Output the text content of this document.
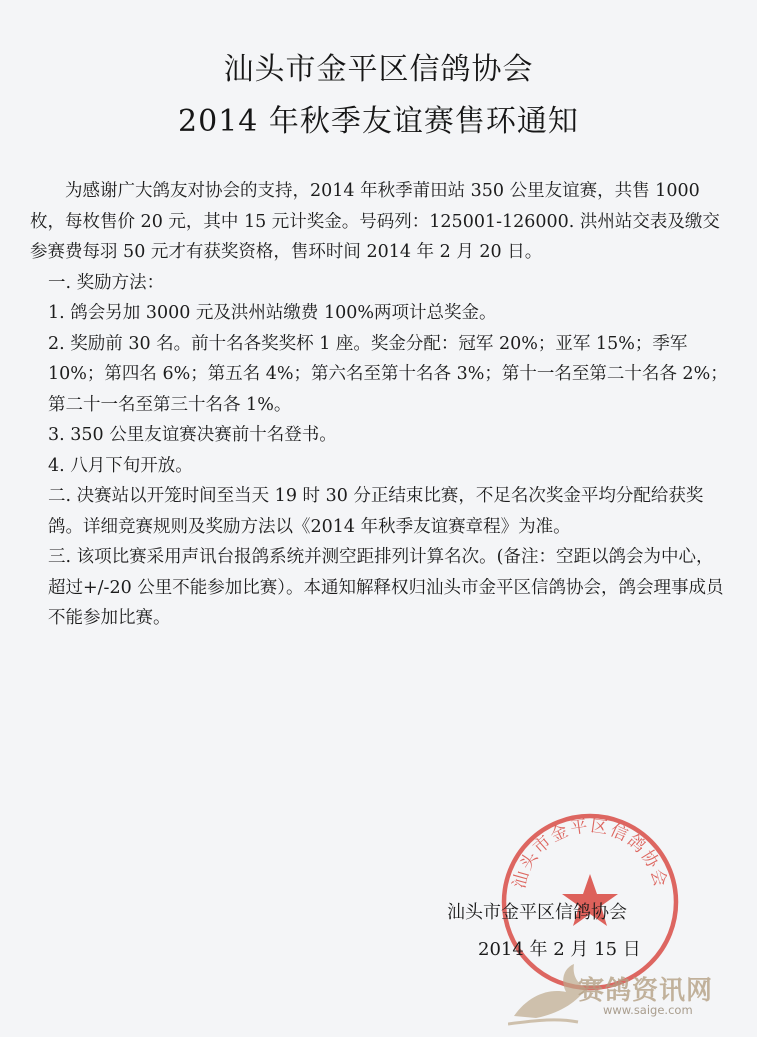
汕头市金平区信鸽协会
2014 年秋季友谊赛售环通知

为感谢广大鸽友对协会的支持，2014 年秋季莆田站 350 公里友谊赛，共售 1000 枚，每枚售价 20 元，其中 15 元计奖金。号码列：125001-126000. 洪州站交表及缴交参赛费每羽 50 元才有获奖资格，售环时间 2014 年 2 月 20 日。

一. 奖励方法：

1. 鸽会另加 3000 元及洪州站缴费 100%两项计总奖金。

2. 奖励前 30 名。前十名各奖奖杯 1 座。奖金分配：冠军 20%；亚军 15%；季军 10%；第四名 6%；第五名 4%；第六名至第十名各 3%；第十一名至第二十名各 2%；第二十一名至第三十名各 1%。

3. 350 公里友谊赛决赛前十名登书。

4. 八月下旬开放。

二. 决赛站以开笼时间至当天 19 时 30 分正结束比赛，不足名次奖金平均分配给获奖鸽。详细竞赛规则及奖励方法以《2014 年秋季友谊赛章程》为准。

三. 该项比赛采用声讯台报鸽系统并测空距排列计算名次。(备注：空距以鸽会为中心，超过+/-20 公里不能参加比赛）。本通知解释权归汕头市金平区信鸽协会，鸽会理事成员不能参加比赛。

汕头市金平区信鸽协会
汕头市金平区信鸽协会
2014 年 2 月 15 日
赛鸽资讯网
www.saige.com
